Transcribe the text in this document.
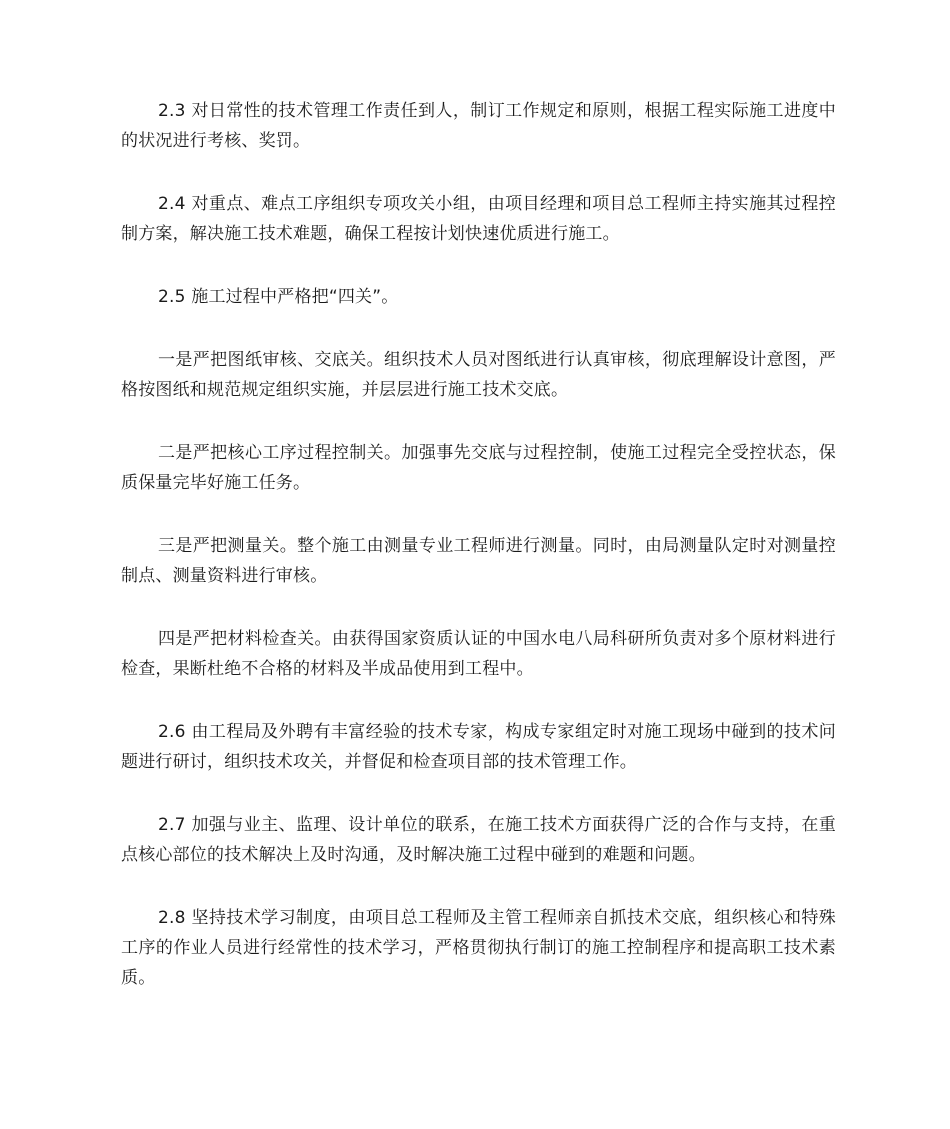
2.3 对日常性的技术管理工作责任到人，制订工作规定和原则，根据工程实际施工进度中的状况进行考核、奖罚。

2.4 对重点、难点工序组织专项攻关小组，由项目经理和项目总工程师主持实施其过程控制方案，解决施工技术难题，确保工程按计划快速优质进行施工。

2.5 施工过程中严格把“四关”。

一是严把图纸审核、交底关。组织技术人员对图纸进行认真审核，彻底理解设计意图，严格按图纸和规范规定组织实施，并层层进行施工技术交底。

二是严把核心工序过程控制关。加强事先交底与过程控制，使施工过程完全受控状态，保质保量完毕好施工任务。

三是严把测量关。整个施工由测量专业工程师进行测量。同时，由局测量队定时对测量控制点、测量资料进行审核。

四是严把材料检查关。由获得国家资质认证的中国水电八局科研所负责对多个原材料进行检查，果断杜绝不合格的材料及半成品使用到工程中。

2.6 由工程局及外聘有丰富经验的技术专家，构成专家组定时对施工现场中碰到的技术问题进行研讨，组织技术攻关，并督促和检查项目部的技术管理工作。

2.7 加强与业主、监理、设计单位的联系，在施工技术方面获得广泛的合作与支持，在重点核心部位的技术解决上及时沟通，及时解决施工过程中碰到的难题和问题。

2.8 坚持技术学习制度，由项目总工程师及主管工程师亲自抓技术交底，组织核心和特殊工序的作业人员进行经常性的技术学习，严格贯彻执行制订的施工控制程序和提高职工技术素质。
